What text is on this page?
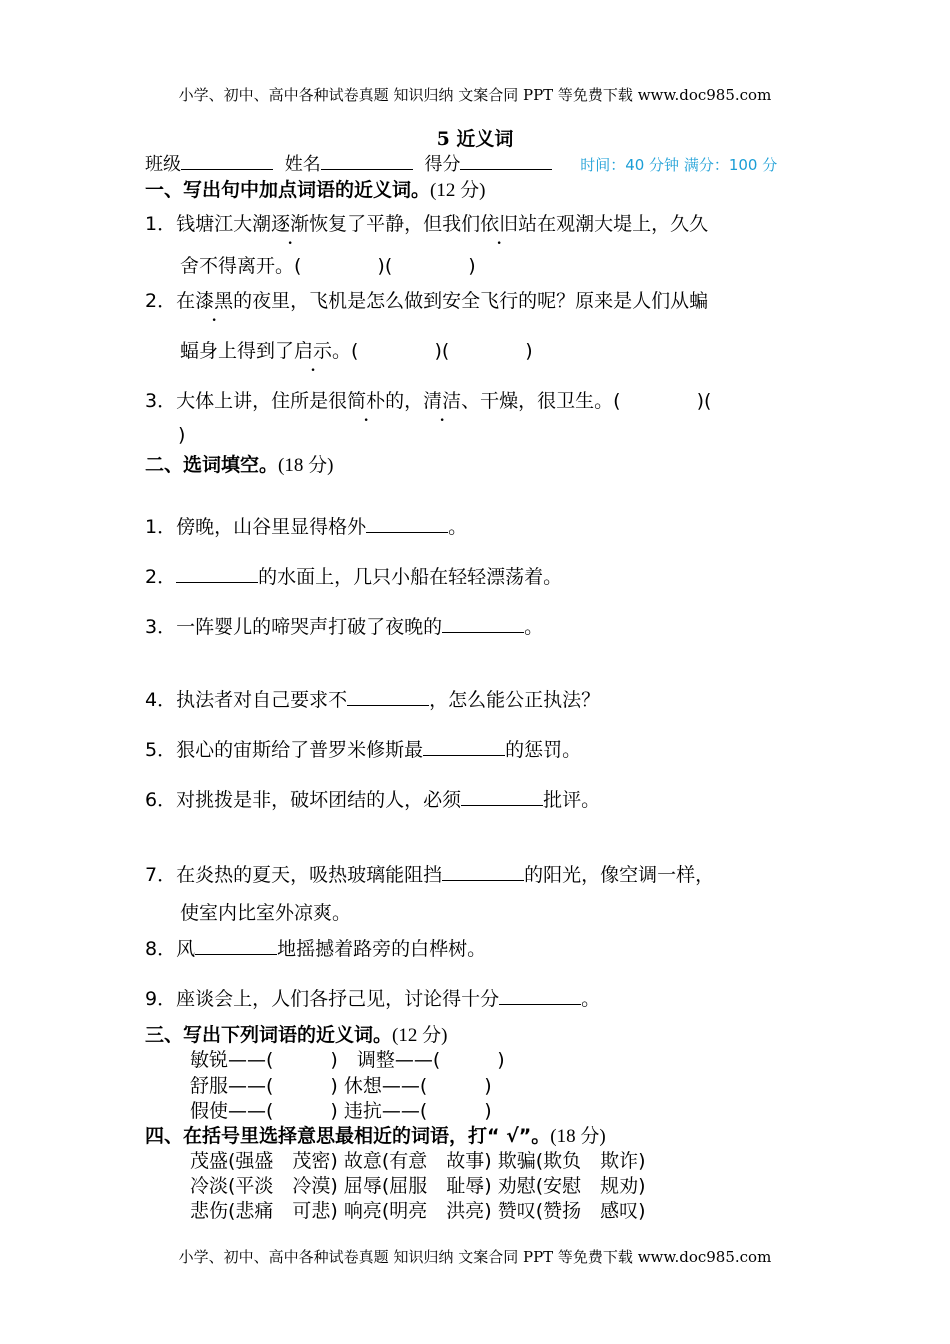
小学、初中、高中各种试卷真题 知识归纳 文案合同 PPT 等免费下载 www.doc985.com
5 近义词
班级	姓名	得分	时间：40 分钟 满分：100 分
一、写出句中加点词语的近义词。(12 分)
1．钱塘江大潮逐渐恢复了平静，但我们依旧站在观潮大堤上，久久
舍不得离开。(　　　　)(　　　　)
2．在漆黑的夜里，飞机是怎么做到安全飞行的呢？原来是人们从蝙
蝠身上得到了启示。(　　　　)(　　　　)
3．大体上讲，住所是很简朴的，清洁、干燥，很卫生。(　　　　)(
)
二、选词填空。(18 分)
1．傍晚，山谷里显得格外	。
2．	的水面上，几只小船在轻轻漂荡着。
3．一阵婴儿的啼哭声打破了夜晚的	。
4．执法者对自己要求不	，怎么能公正执法？
5．狠心的宙斯给了普罗米修斯最	的惩罚。
6．对挑拨是非，破坏团结的人，必须	批评。
7．在炎热的夏天，吸热玻璃能阻挡	的阳光，像空调一样，
使室内比室外凉爽。
8．风	地摇撼着路旁的白桦树。
9．座谈会上，人们各抒己见，讨论得十分	。
三、写出下列词语的近义词。(12 分)
敏锐——(　　　)　调整——(　　　)
舒服——(　　　) 休想——(　　　)
假使——(　　　) 违抗——(　　　)
四、在括号里选择意思最相近的词语，打“ √”。(18 分)
茂盛(强盛　茂密) 故意(有意　故事) 欺骗(欺负　欺诈)
冷淡(平淡　冷漠) 屈辱(屈服　耻辱) 劝慰(安慰　规劝)
悲伤(悲痛　可悲) 响亮(明亮　洪亮) 赞叹(赞扬　感叹)
小学、初中、高中各种试卷真题 知识归纳 文案合同 PPT 等免费下载 www.doc985.com
